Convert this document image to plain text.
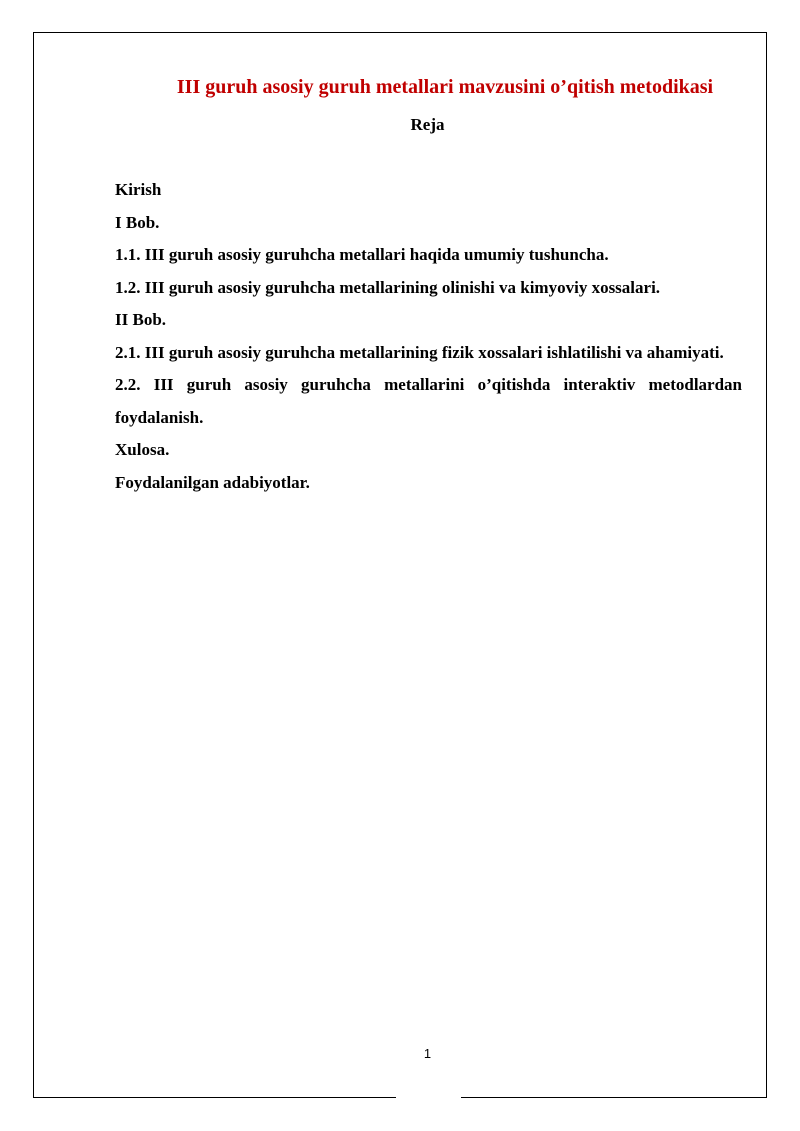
III guruh asosiy guruh metallari mavzusini o’qitish metodikasi
Reja
Kirish
I Bob.
1.1. III guruh asosiy guruhcha metallari haqida umumiy tushuncha.
1.2. III guruh asosiy guruhcha metallarining olinishi va kimyoviy xossalari.
II Bob.
2.1. III guruh asosiy guruhcha metallarining fizik xossalari ishlatilishi va ahamiyati.
2.2. III guruh asosiy guruhcha metallarini o’qitishda interaktiv metodlardan foydalanish.
Xulosa.
Foydalanilgan adabiyotlar.
1
